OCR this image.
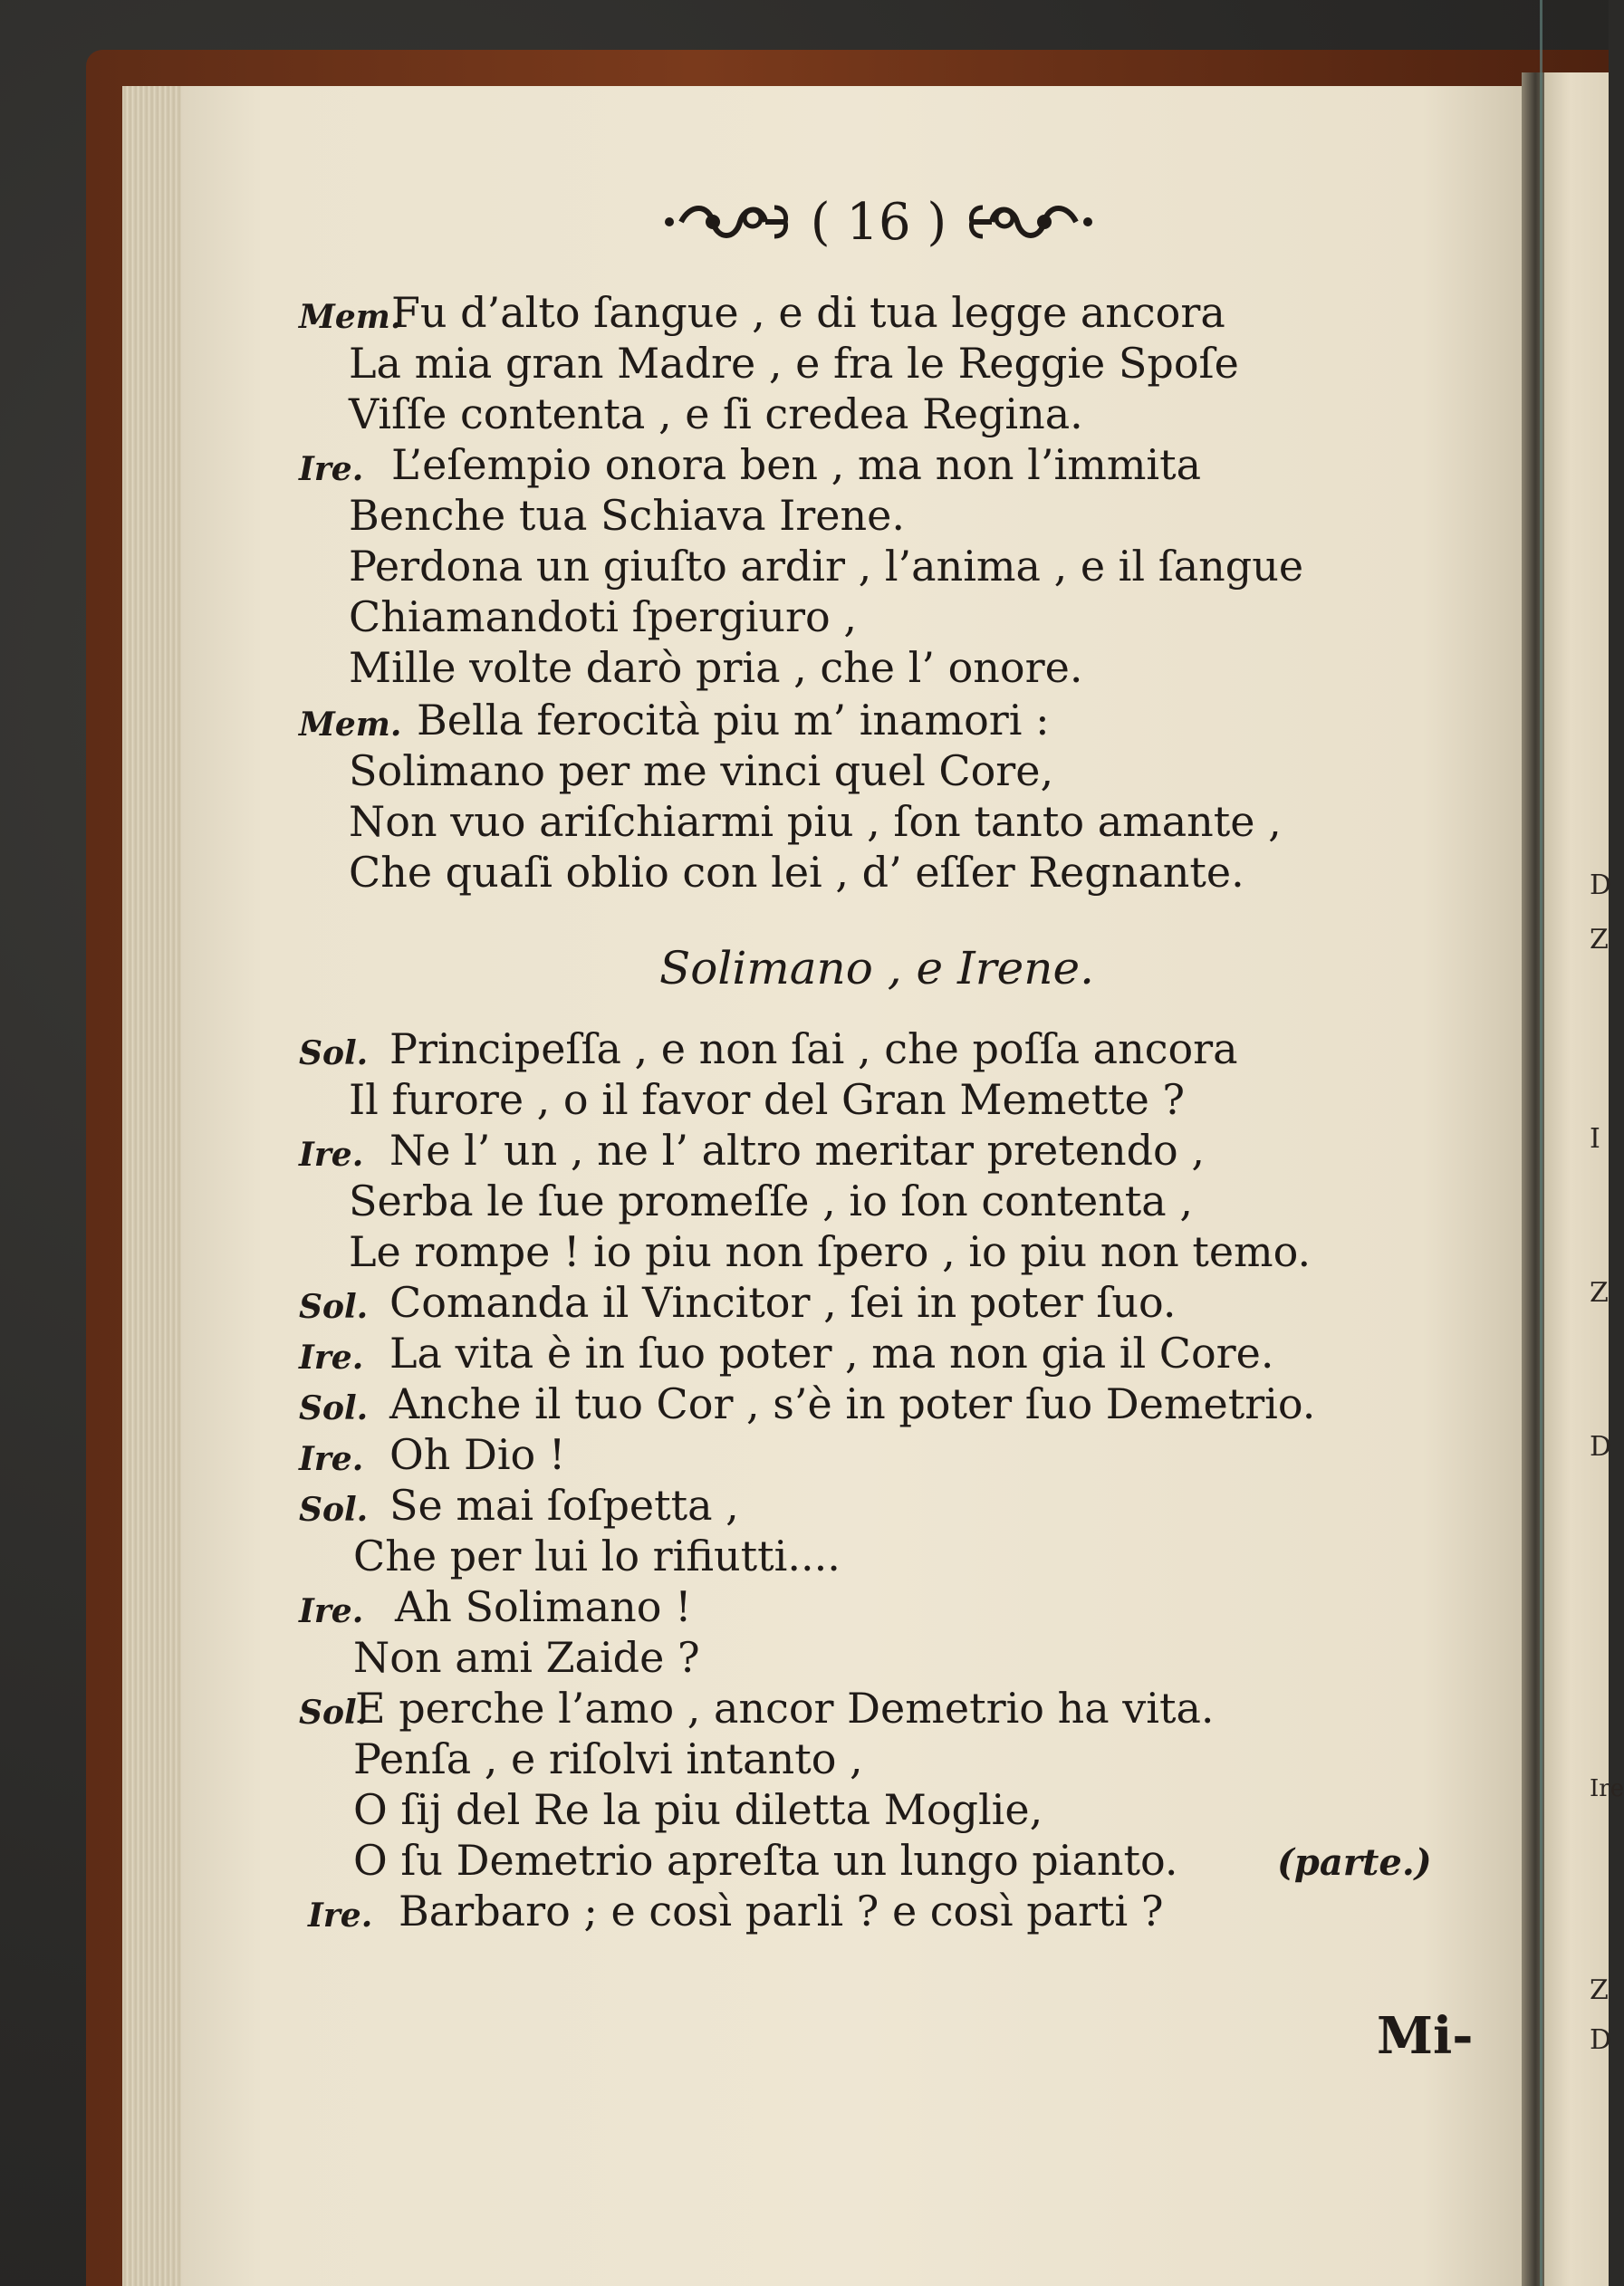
D
Z
I
Z
D
Ire
Z
D
( 16 )
Mem.
Fu d’alto ſangue , e di tua legge ancora
La mia gran Madre , e fra le Reggie Spoſe
Viſſe contenta , e ſi credea Regina.
Ire. L’eſempio onora ben , ma non l’immita
Benche tua Schiava Irene.
Perdona un giuſto ardir , l’anima , e il ſangue
Chiamandoti ſpergiuro ,
Mille volte darò pria , che l’ onore.
Mem. Bella ferocità piu m’ inamori :
Solimano per me vinci quel Core,
Non vuo ariſchiarmi piu , ſon tanto amante ,
Che quaſi oblio con lei , d’ eſſer Regnante.
Solimano , e Irene.
Sol. Principeſſa , e non ſai , che poſſa ancora
Il furore , o il favor del Gran Memette ?
Ire. Ne l’ un , ne l’ altro meritar pretendo ,
Serba le ſue promeſſe , io ſon contenta ,
Le rompe ! io piu non ſpero , io piu non temo.
Sol. Comanda il Vincitor , ſei in poter ſuo.
Ire. La vita è in ſuo poter , ma non gia il Core.
Sol. Anche il tuo Cor , s’è in poter ſuo Demetrio.
Ire. Oh Dio !
Sol. Se mai ſoſpetta ,
Che per lui lo rifiutti....
Ire. Ah Solimano !
Non ami Zaide ?
Sol.
E perche l’amo , ancor Demetrio ha vita.
Penſa , e riſolvi intanto ,
O ſij del Re la piu diletta Moglie,
O ſu Demetrio apreſta un lungo pianto.	(parte.)
Ire. Barbaro ; e così parli ? e così parti ?
Mi-
